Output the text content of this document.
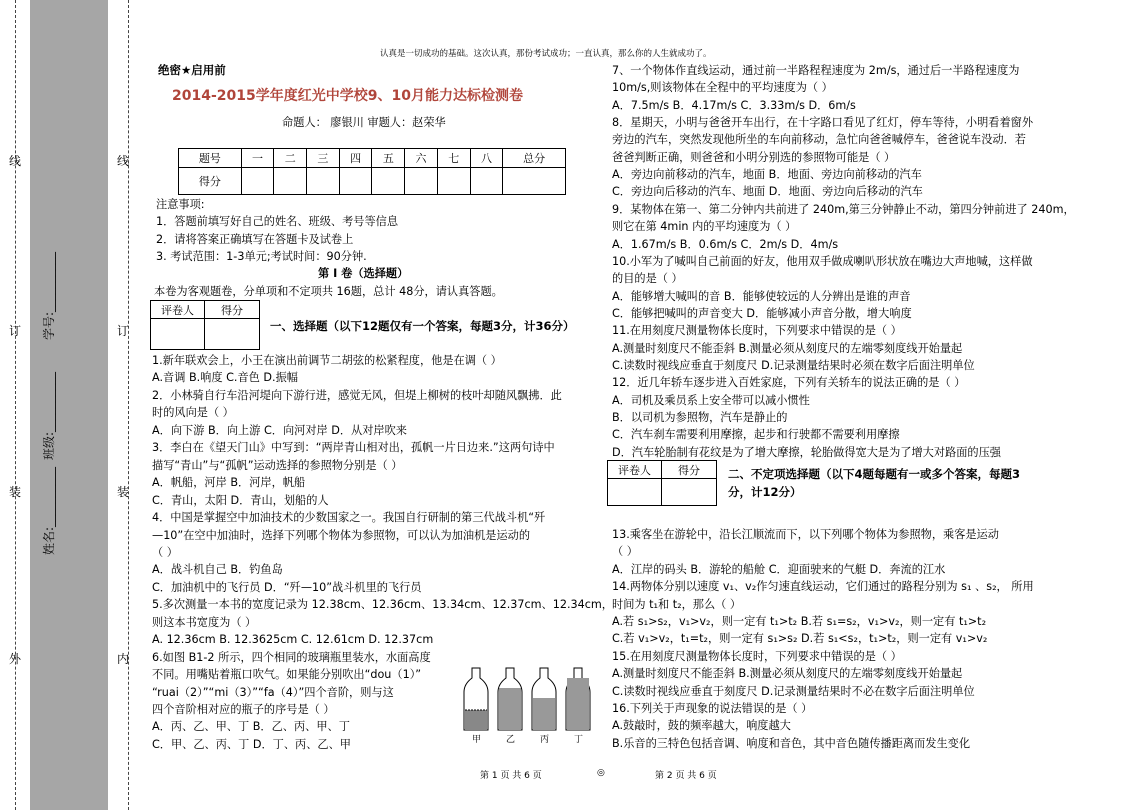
线
订
装
外
线
订
装
内
姓名:__________
班级:__________
学号:__________
认真是一切成功的基础。这次认真，那份考试成功；一直认真，那么你的人生就成功了。
绝密★启用前
2014-2015学年度红光中学校9、10月能力达标检测卷
命题人： 廖银川 审题人：赵荣华
题号	一	二	三	四	五	六	七	八	总分
得分									
注意事项:
1．答题前填写好自己的姓名、班级、考号等信息
2．请将答案正确填写在答题卡及试卷上
3. 考试范围：1-3单元;考试时间：90分钟.
第 I 卷（选择题）
本卷为客观题卷，分单项和不定项共 16题，总计 48分，请认真答题。
一、选择题（以下12题仅有一个答案，每题3分，计36分）
评卷人	得分
1.新年联欢会上，小王在演出前调节二胡弦的松紧程度，他是在调（ ）
A.音调 B.响度 C.音色 D.振幅
2．小林骑自行车沿河堤向下游行进，感觉无风，但堤上柳树的枝叶却随风飘拂．此
时的风向是（ ）
A．向下游 B．向上游 C．向河对岸 D．从对岸吹来
3．李白在《望天门山》中写到：“两岸青山相对出，孤帆一片日边来.”这两句诗中
描写“青山”与“孤帆”运动选择的参照物分别是（ ）
A．帆船，河岸 B．河岸，帆船
C．青山，太阳 D．青山，划船的人
4．中国是掌握空中加油技术的少数国家之一。我国自行研制的第三代战斗机“歼
—10”在空中加油时，选择下列哪个物体为参照物，可以认为加油机是运动的
（ ）
A．战斗机自己 B．钓鱼岛
C．加油机中的飞行员 D．“歼—10”战斗机里的飞行员
5.多次测量一本书的宽度记录为 12.38cm、12.36cm、13.34cm、12.37cm、12.34cm，
则这本书宽度为（ ）
A. 12.36cm B. 12.3625cm C. 12.61cm D. 12.37cm
6.如图 B1-2 所示，四个相同的玻璃瓶里装水，水面高度
不同。用嘴贴着瓶口吹气。如果能分别吹出“dou（1）”
“ruai（2）”“mi（3）”“fa（4）”四个音阶，则与这
四个音阶相对应的瓶子的序号是（ ）
A．丙、乙、甲、丁 B．乙、丙、甲、丁
C．甲、乙、丙、丁 D．丁、丙、乙、甲	甲	乙	丙	丁
7、一个物体作直线运动，通过前一半路程程速度为 2m/s，通过后一半路程速度为
10m/s,则该物体在全程中的平均速度为（ ）
A．7.5m/s B．4.17m/s C．3.33m/s D．6m/s
8．星期天，小明与爸爸开车出行，在十字路口看见了红灯，停车等待，小明看着窗外
旁边的汽车，突然发现他所坐的车向前移动，急忙向爸爸喊停车，爸爸说车没动．若
爸爸判断正确，则爸爸和小明分别选的参照物可能是（ ）
A．旁边向前移动的汽车，地面 B．地面、旁边向前移动的汽车
C．旁边向后移动的汽车、地面 D．地面、旁边向后移动的汽车
9．某物体在第一、第二分钟内共前进了 240m,第三分钟静止不动，第四分钟前进了 240m，
则它在第 4min 内的平均速度为（ ）
A．1.67m/s B．0.6m/s C．2m/s D．4m/s
10.小军为了喊叫自己前面的好友，他用双手做成喇叭形状放在嘴边大声地喊，这样做
的目的是（ ）
A．能够增大喊叫的音 B．能够使较远的人分辨出是谁的声音
C．能够把喊叫的声音变大 D．能够减小声音分散，增大响度
11.在用刻度尺测量物体长度时，下列要求中错误的是（ ）
A.测量时刻度尺不能歪斜 B.测量必须从刻度尺的左端零刻度线开始量起
C.读数时视线应垂直于刻度尺 D.记录测量结果时必须在数字后面注明单位
12．近几年轿车逐步进入百姓家庭，下列有关轿车的说法正确的是（ ）
A．司机及乘员系上安全带可以减小惯性
B．以司机为参照物，汽车是静止的
C．汽车刹车需要利用摩擦，起步和行驶都不需要利用摩擦
D．汽车轮胎制有花纹是为了增大摩擦，轮胎做得宽大是为了增大对路面的压强
评卷人	得分	二、不定项选择题（以下4题每题有一或多个答案，每题3
分，计12分）
13.乘客坐在游轮中，沿长江顺流而下，以下列哪个物体为参照物，乘客是运动
（ ）
A．江岸的码头 B．游轮的船舱 C．迎面驶来的气艇 D．奔流的江水
14.两物体分别以速度 v₁、v₂作匀速直线运动，它们通过的路程分别为 s₁ 、s₂， 所用
时间为 t₁和 t₂，那么（ ）
A.若 s₁>s₂，v₁>v₂，则一定有 t₁>t₂ B.若 s₁=s₂，v₁>v₂，则一定有 t₁>t₂
C.若 v₁>v₂，t₁=t₂，则一定有 s₁>s₂ D.若 s₁<s₂，t₁>t₂，则一定有 v₁>v₂
15.在用刻度尺测量物体长度时，下列要求中错误的是（ ）
A.测量时刻度尺不能歪斜 B.测量必须从刻度尺的左端零刻度线开始量起
C.读数时视线应垂直于刻度尺 D.记录测量结果时不必在数字后面注明单位
16.下列关于声现象的说法错误的是（ ）
A.鼓敲时，鼓的频率越大，响度越大
B.乐音的三特色包括音调、响度和音色，其中音色随传播距离而发生变化
第 1 页 共 6 页	◎	第 2 页 共 6 页
